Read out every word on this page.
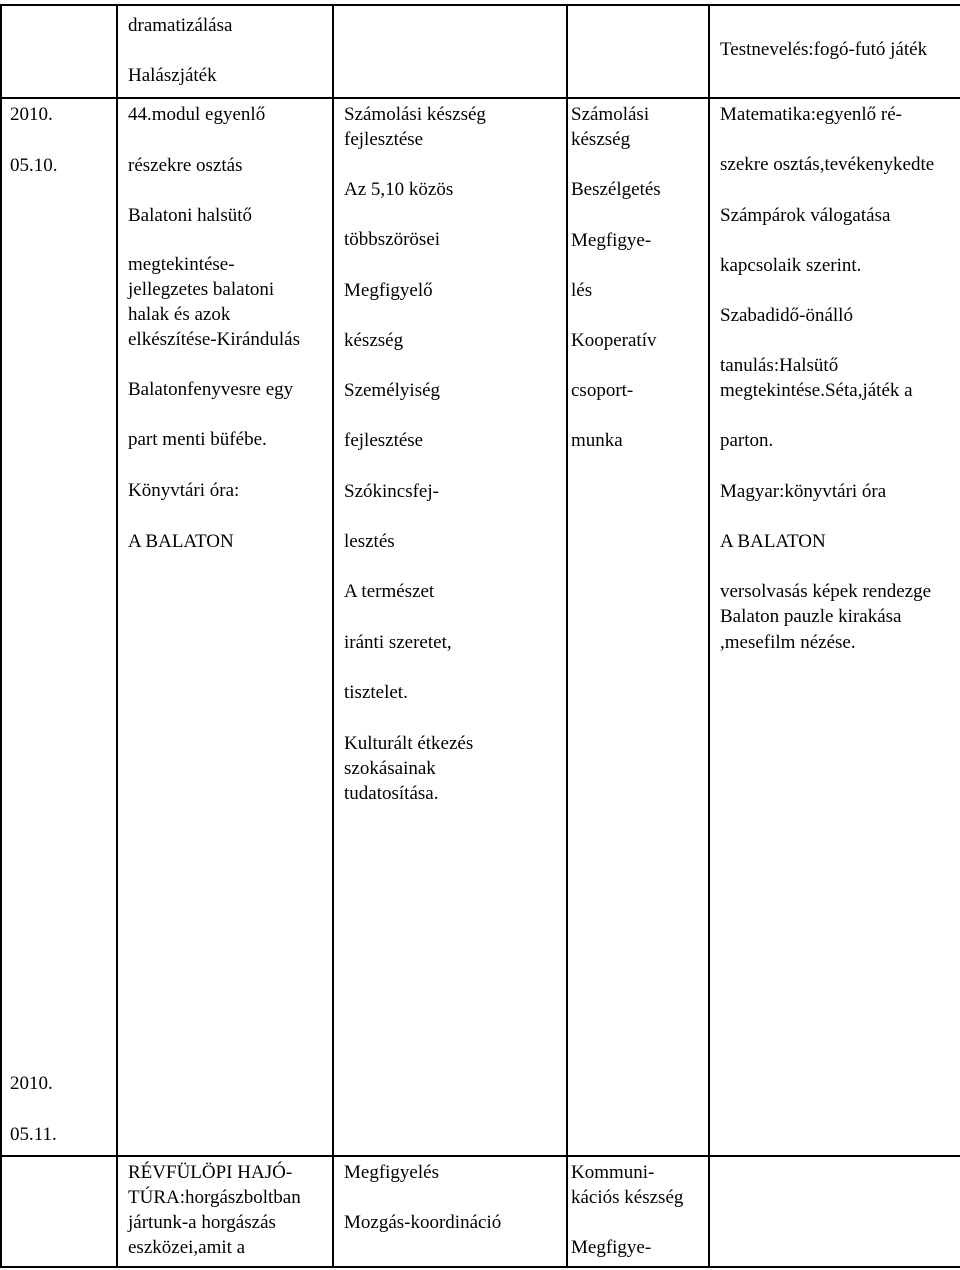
dramatizálása
Halászjáték
Testnevelés:fogó-futó játék
2010.
05.10.
44.modul egyenlő
részekre osztás
Balatoni halsütő
megtekintése-
jellegzetes balatoni
halak és azok
elkészítése-Kirándulás
Balatonfenyvesre egy
part menti büfébe.
Könyvtári óra:
A BALATON
Számolási készség
fejlesztése
Az 5,10 közös
többszörösei
Megfigyelő
készség
Személyiség
fejlesztése
Szókincsfej-
lesztés
A természet
iránti szeretet,
tisztelet.
Kulturált étkezés
szokásainak
tudatosítása.
Számolási
készség
Beszélgetés
Megfigye-
lés
Kooperatív
csoport-
munka
Matematika:egyenlő ré-
szekre osztás,tevékenykedte
Számpárok válogatása
kapcsolaik szerint.
Szabadidő-önálló
tanulás:Halsütő
megtekintése.Séta,játék a
parton.
Magyar:könyvtári óra
A BALATON
versolvasás képek rendezge
Balaton pauzle kirakása
,mesefilm nézése.
2010.
05.11.
RÉVFÜLÖPI HAJÓ-
TÚRA:horgászboltban
jártunk-a horgászás
eszközei,amit a
Megfigyelés
Mozgás-koordináció
Kommuni-
kációs készség
Megfigye-
